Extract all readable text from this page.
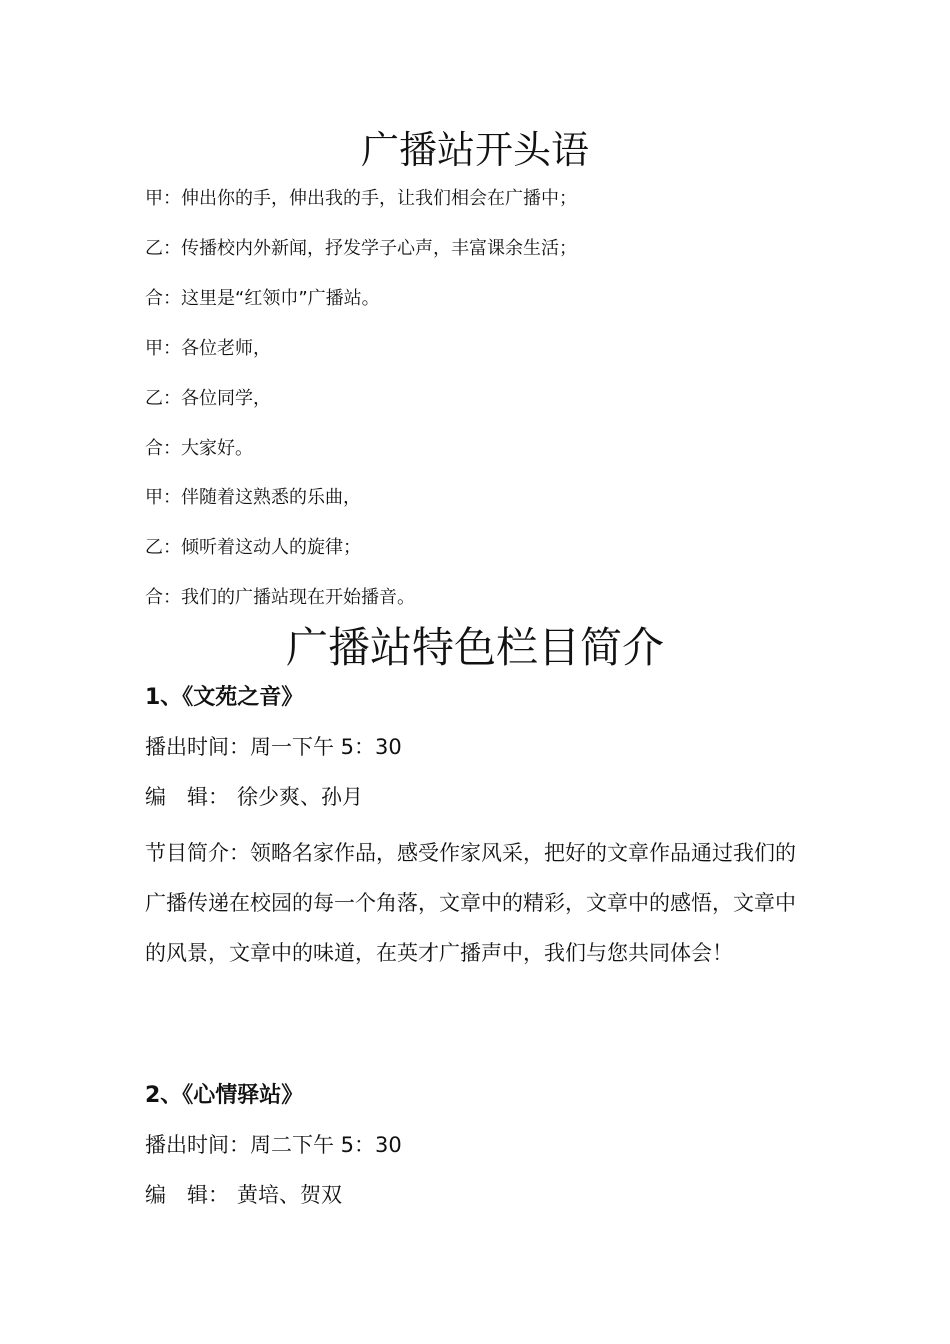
广播站开头语
甲：伸出你的手，伸出我的手，让我们相会在广播中；
乙：传播校内外新闻，抒发学子心声，丰富课余生活；
合：这里是“红领巾”广播站。
甲：各位老师，
乙：各位同学，
合：大家好。
甲：伴随着这熟悉的乐曲，
乙：倾听着这动人的旋律；
合：我们的广播站现在开始播音。
广播站特色栏目简介
1、《文苑之音》
播出时间：周一下午 5：30
编　辑： 徐少爽、孙月
节目简介：领略名家作品，感受作家风采，把好的文章作品通过我们的广播传递在校园的每一个角落，文章中的精彩，文章中的感悟，文章中的风景，文章中的味道，在英才广播声中，我们与您共同体会！
2、《心情驿站》
播出时间：周二下午 5：30
编　辑： 黄培、贺双
